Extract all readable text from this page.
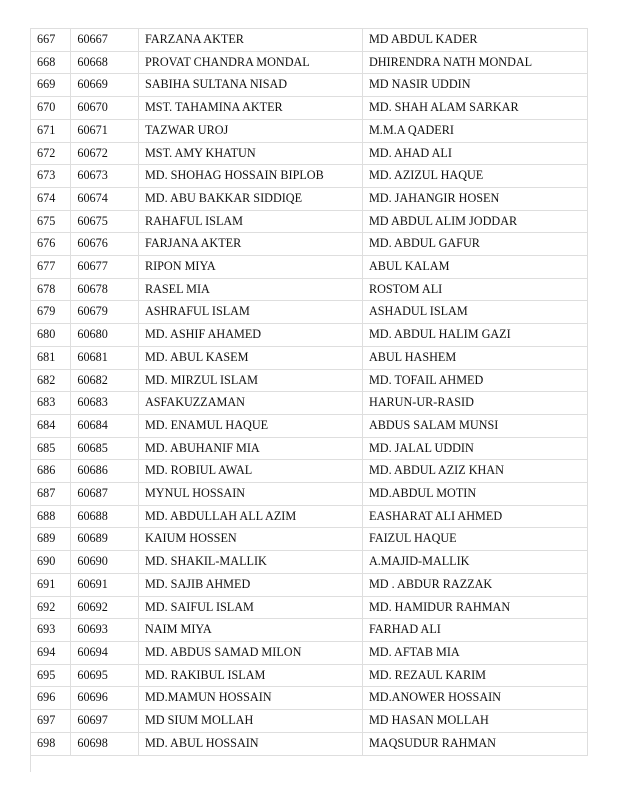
667	60667	FARZANA AKTER	MD ABDUL KADER
668	60668	PROVAT CHANDRA MONDAL	DHIRENDRA NATH MONDAL
669	60669	SABIHA SULTANA NISAD	MD NASIR UDDIN
670	60670	MST. TAHAMINA AKTER	MD. SHAH ALAM SARKAR
671	60671	TAZWAR UROJ	M.M.A QADERI
672	60672	MST. AMY KHATUN	MD. AHAD ALI
673	60673	MD. SHOHAG HOSSAIN BIPLOB	MD. AZIZUL HAQUE
674	60674	MD. ABU BAKKAR SIDDIQE	MD. JAHANGIR HOSEN
675	60675	RAHAFUL ISLAM	MD ABDUL ALIM JODDAR
676	60676	FARJANA AKTER	MD. ABDUL GAFUR
677	60677	RIPON MIYA	ABUL KALAM
678	60678	RASEL MIA	ROSTOM ALI
679	60679	ASHRAFUL ISLAM	ASHADUL ISLAM
680	60680	MD. ASHIF AHAMED	MD. ABDUL HALIM GAZI
681	60681	MD. ABUL KASEM	ABUL HASHEM
682	60682	MD. MIRZUL ISLAM	MD. TOFAIL AHMED
683	60683	ASFAKUZZAMAN	HARUN-UR-RASID
684	60684	MD. ENAMUL HAQUE	ABDUS SALAM MUNSI
685	60685	MD. ABUHANIF MIA	MD. JALAL UDDIN
686	60686	MD. ROBIUL AWAL	MD. ABDUL AZIZ KHAN
687	60687	MYNUL HOSSAIN	MD.ABDUL MOTIN
688	60688	MD. ABDULLAH ALL AZIM	EASHARAT ALI AHMED
689	60689	KAIUM HOSSEN	FAIZUL HAQUE
690	60690	MD. SHAKIL-MALLIK	A.MAJID-MALLIK
691	60691	MD. SAJIB AHMED	MD . ABDUR RAZZAK
692	60692	MD. SAIFUL ISLAM	MD. HAMIDUR RAHMAN
693	60693	NAIM MIYA	FARHAD ALI
694	60694	MD. ABDUS SAMAD MILON	MD. AFTAB MIA
695	60695	MD. RAKIBUL ISLAM	MD. REZAUL KARIM
696	60696	MD.MAMUN HOSSAIN	MD.ANOWER HOSSAIN
697	60697	MD SIUM MOLLAH	MD HASAN MOLLAH
698	60698	MD. ABUL HOSSAIN	MAQSUDUR RAHMAN
